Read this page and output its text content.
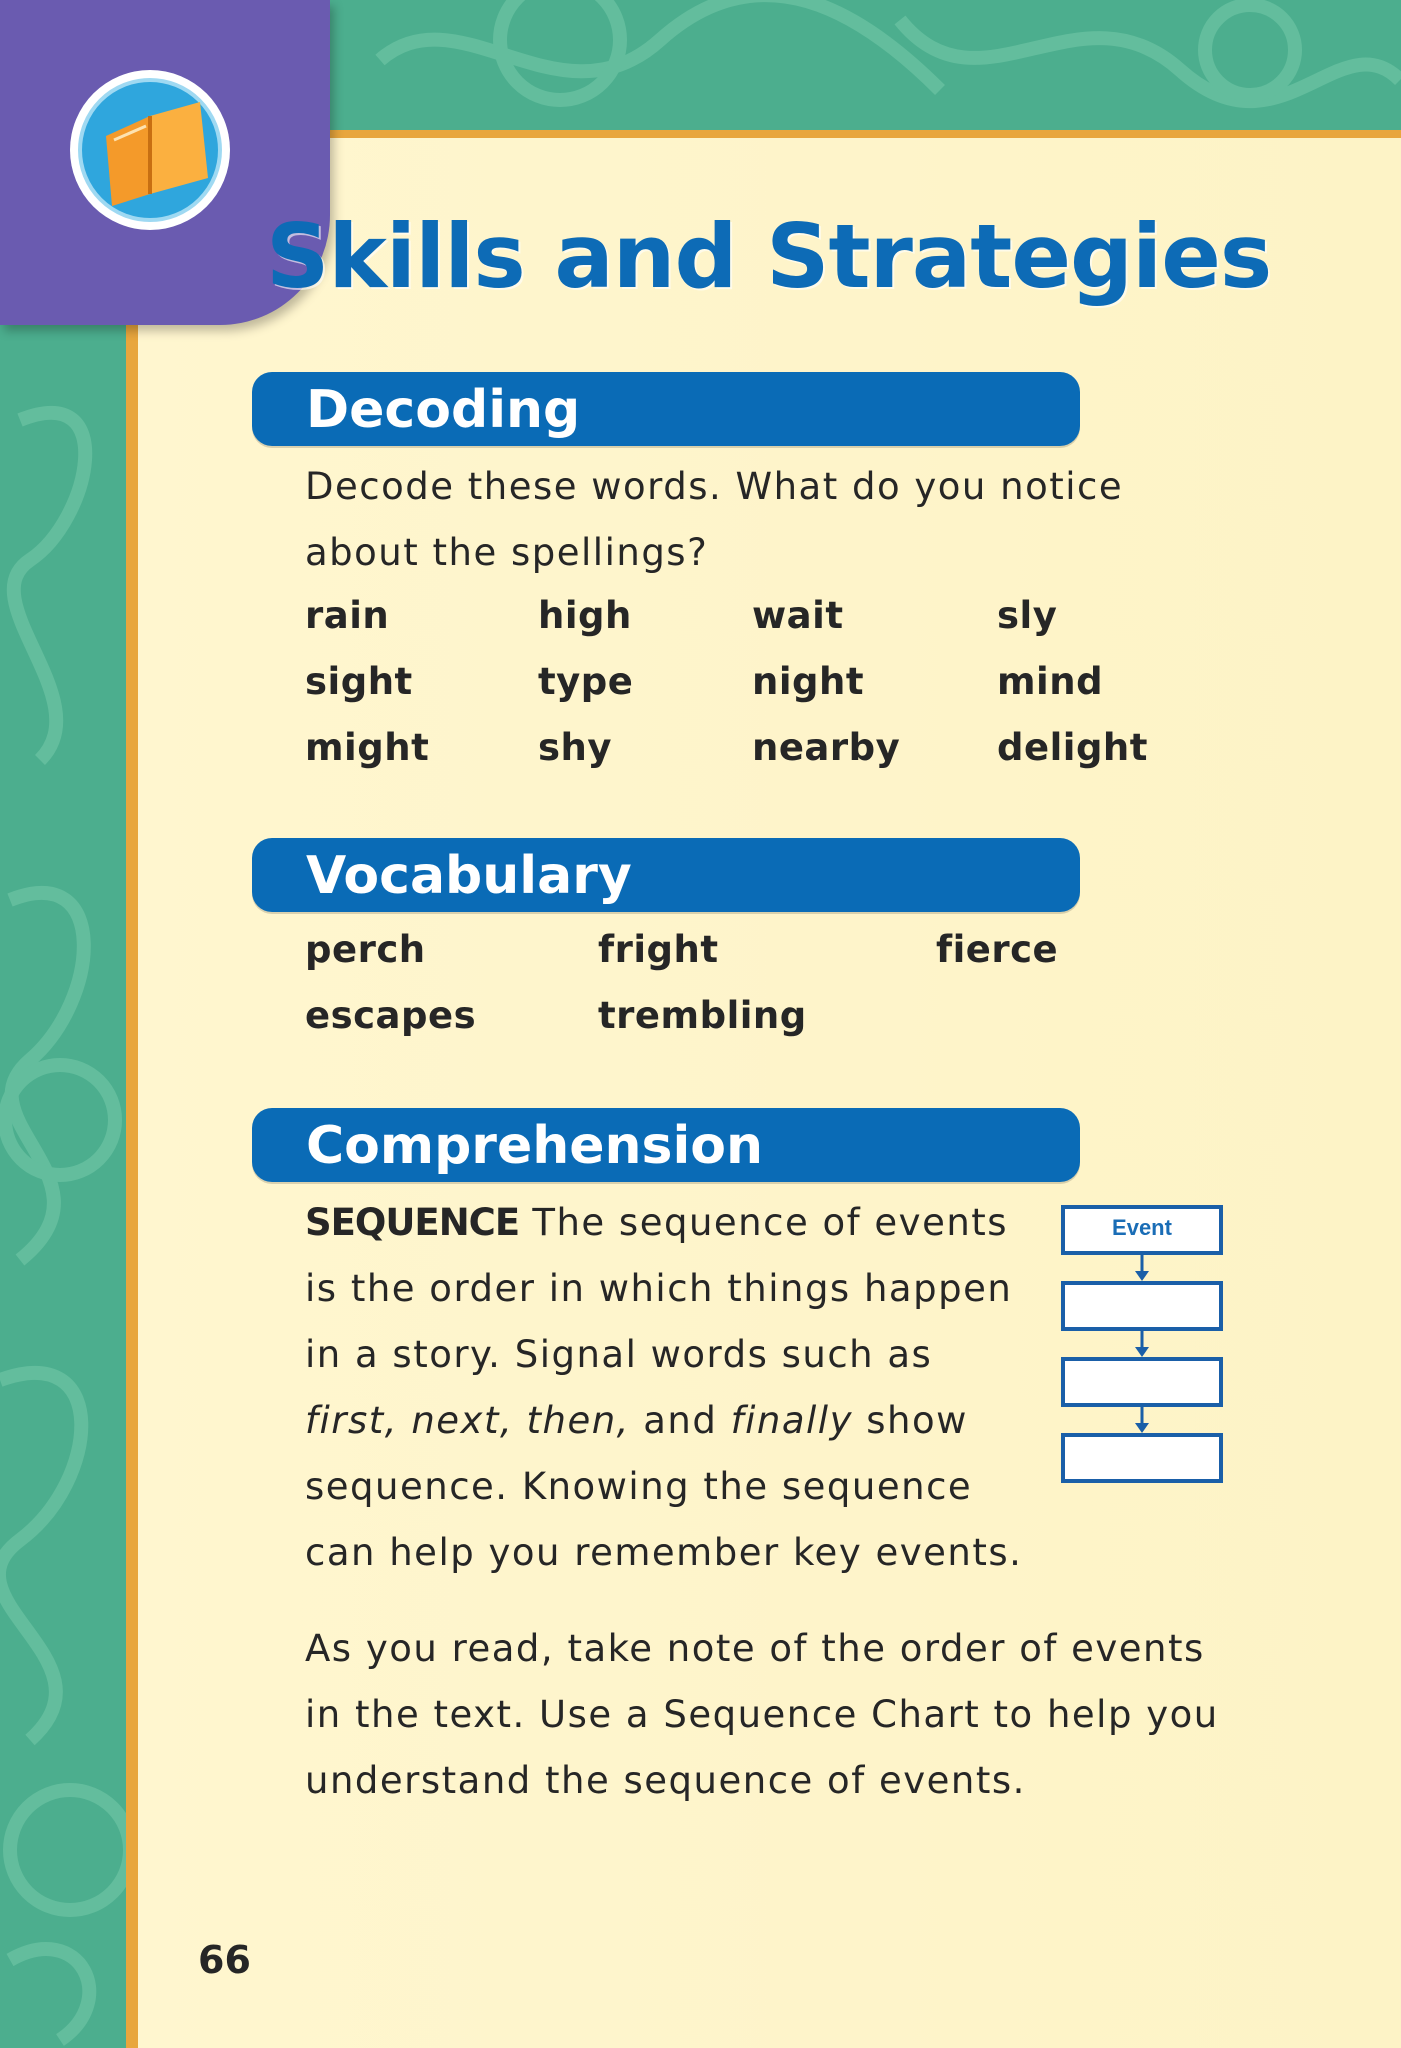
Skills and Strategies
Decoding

Decode these words. What do you notice

about the spellings?

rain	high	wait	sly
sight	type	night	mind
might	shy	nearby	delight
Vocabulary
perch	fright	fierce
escapes	trembling
Comprehension

SEQUENCE The sequence of events

is the order in which things happen

in a story. Signal words such as

first, next, then, and finally show

sequence. Knowing the sequence

can help you remember key events.

Event

As you read, take note of the order of events

in the text. Use a Sequence Chart to help you

understand the sequence of events.

66
